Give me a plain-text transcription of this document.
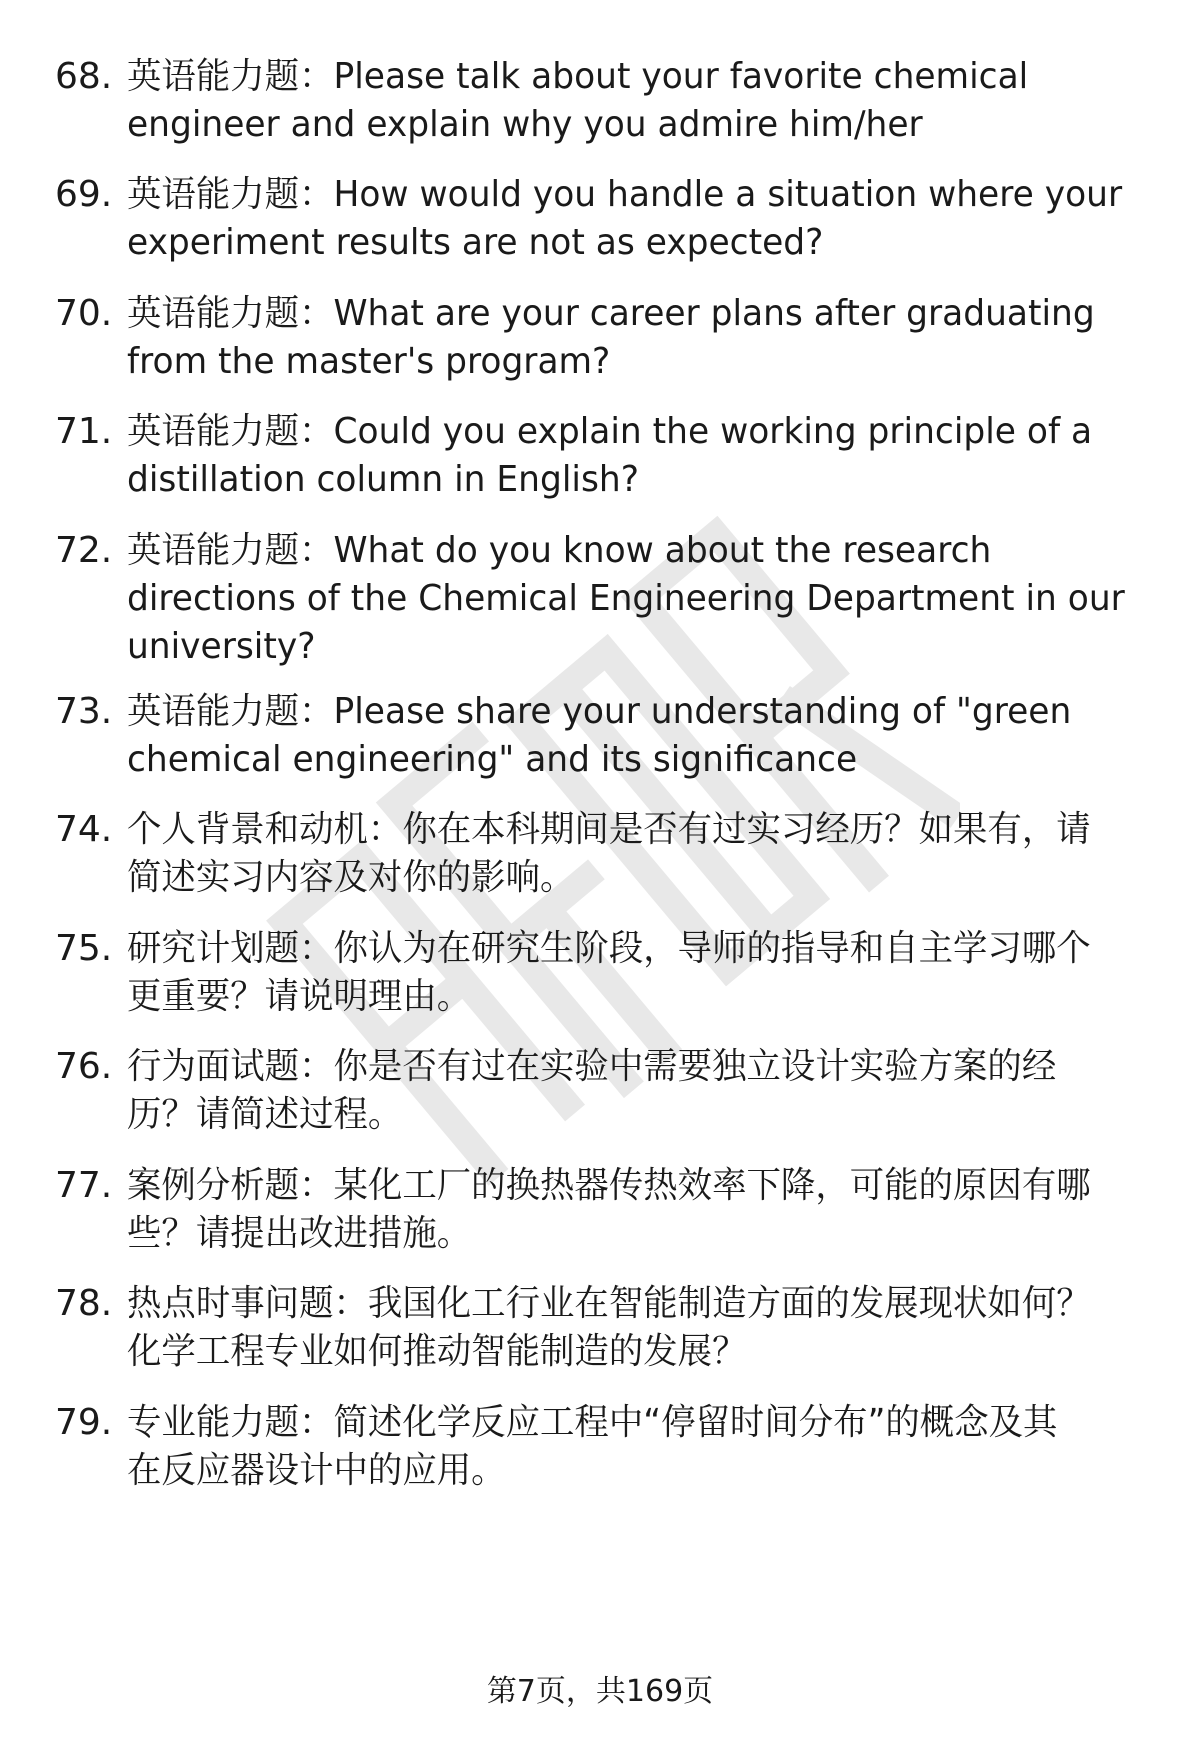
68. 英语能力题：Please talk about your favorite chemical
engineer and explain why you admire him/her
69. 英语能力题：How would you handle a situation where your
experiment results are not as expected?
70. 英语能力题：What are your career plans after graduating
from the master's program?
71. 英语能力题：Could you explain the working principle of a
distillation column in English?
72. 英语能力题：What do you know about the research
directions of the Chemical Engineering Department in our
university?
73. 英语能力题：Please share your understanding of "green
chemical engineering" and its significance
74. 个人背景和动机：你在本科期间是否有过实习经历？如果有，请
简述实习内容及对你的影响。
75. 研究计划题：你认为在研究生阶段，导师的指导和自主学习哪个
更重要？请说明理由。
76. 行为面试题：你是否有过在实验中需要独立设计实验方案的经
历？请简述过程。
77. 案例分析题：某化工厂的换热器传热效率下降，可能的原因有哪
些？请提出改进措施。
78. 热点时事问题：我国化工行业在智能制造方面的发展现状如何？
化学工程专业如何推动智能制造的发展？
79. 专业能力题：简述化学反应工程中“停留时间分布”的概念及其
在反应器设计中的应用。
第7页，共169页
